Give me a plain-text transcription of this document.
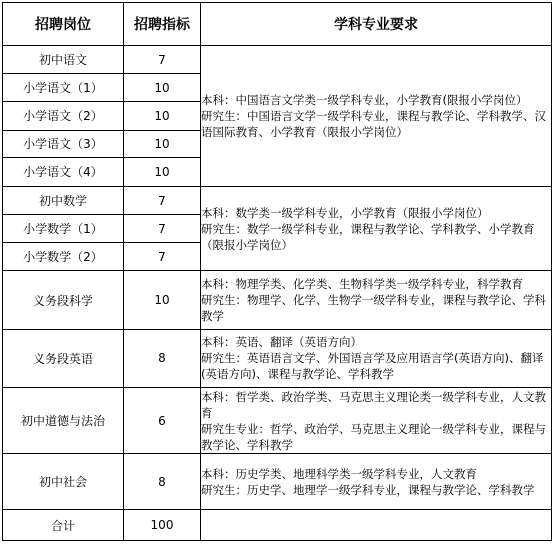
招聘岗位	招聘指标	学科专业要求
初中语文	7	本科：中国语言文学类一级学科专业，小学教育(限报小学岗位）

研究生：中国语言文学一级学科专业，课程与教学论、学科教学、汉语国际教育、小学教育（限报小学岗位）

小学语文（1）	10	
小学语文（2）	10	
小学语文（3）	10	
小学语文（4）	10	
初中数学	7	本科：数学类一级学科专业，小学教育（限报小学岗位）

研究生：数学一级学科专业，课程与教学论、学科教学、小学教育（限报小学岗位）

小学数学（1）	7	
小学数学（2）	7	
义务段科学	10	本科：物理学类、化学类、生物科学类一级学科专业，科学教育

研究生：物理学、化学、生物学一级学科专业，课程与教学论、学科教学

义务段英语	8	本科：英语、翻译（英语方向）

研究生：英语语言文学、外国语言学及应用语言学(英语方向)、翻译(英语方向)、课程与教学论、学科教学

初中道德与法治	6	本科：哲学类、政治学类、马克思主义理论类一级学科专业，人文教育

研究生专业：哲学、政治学、马克思主义理论一级学科专业，课程与教学论、学科教学

初中社会	8	本科：历史学类、地理科学类一级学科专业，人文教育

研究生：历史学、地理学一级学科专业，课程与教学论、学科教学

合计	100	
